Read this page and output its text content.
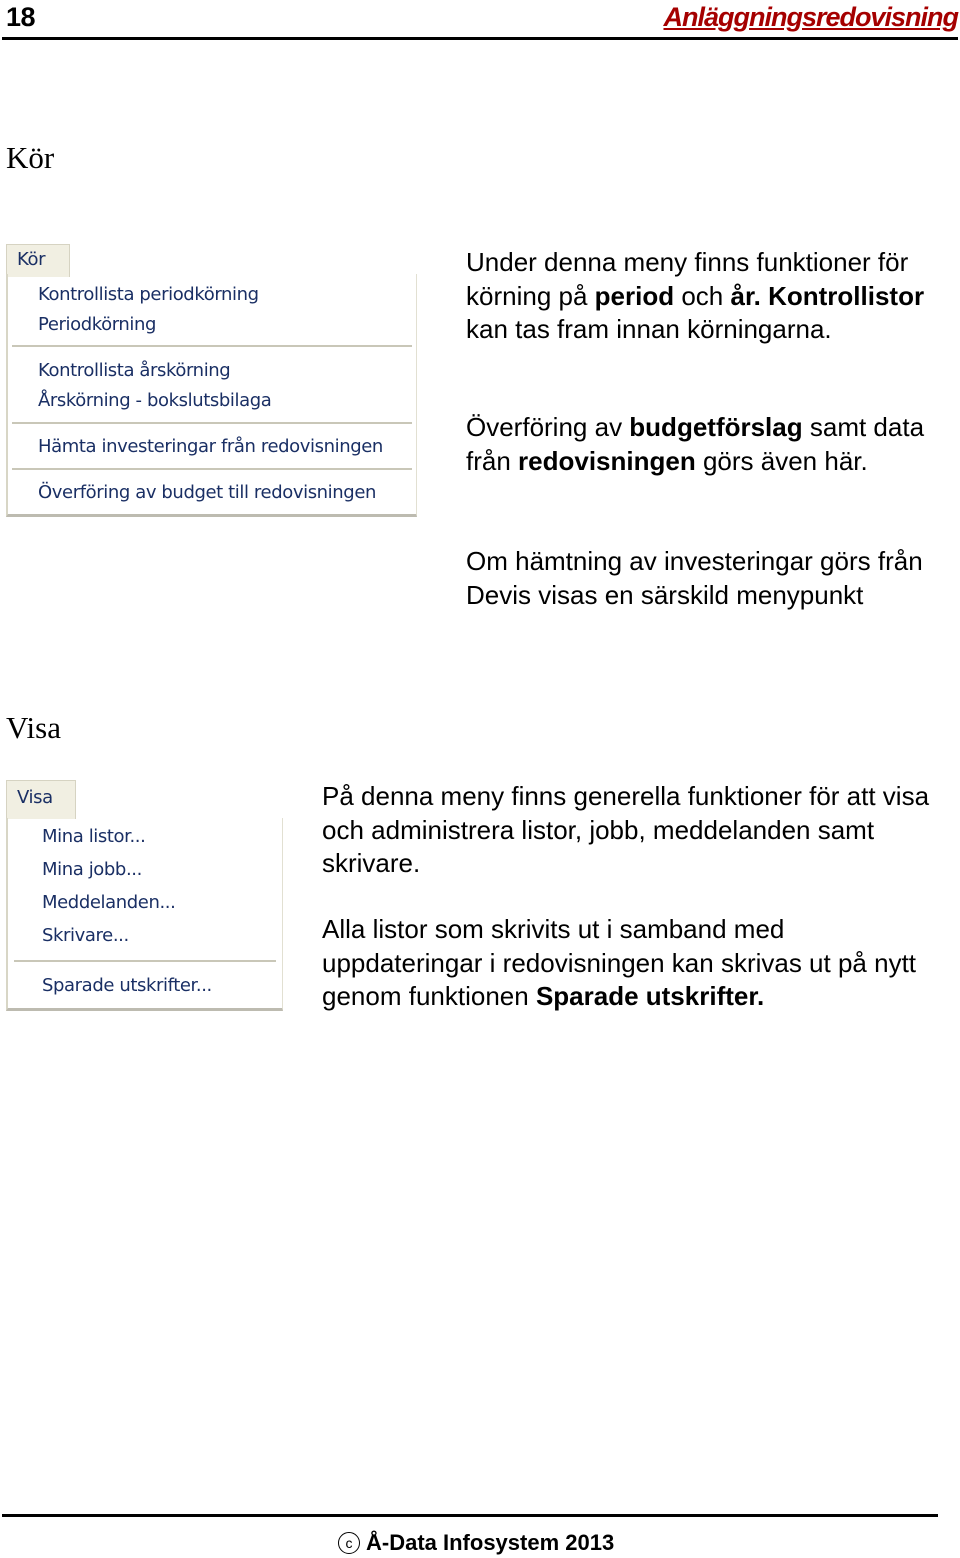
18	Anläggningsredovisning
Kör
Kör
Kontrollista periodkörning
Periodkörning
Kontrollista årskörning
Årskörning - bokslutsbilaga
Hämta investeringar från redovisningen
Överföring av budget till redovisningen
Under denna meny finns funktioner för körning på period och år. Kontrollistor kan tas fram innan körningarna.
Överföring av budgetförslag samt data från redovisningen görs även här.
Om hämtning av investeringar görs från Devis visas en särskild menypunkt
Visa
Visa
Mina listor...
Mina jobb...
Meddelanden...
Skrivare...
Sparade utskrifter...
På denna meny finns generella funktioner för att visa och administrera listor, jobb, meddelanden samt skrivare.
Alla listor som skrivits ut i samband med uppdateringar i redovisningen kan skrivas ut på nytt genom funktionen Sparade utskrifter.
c Å-Data Infosystem 2013
